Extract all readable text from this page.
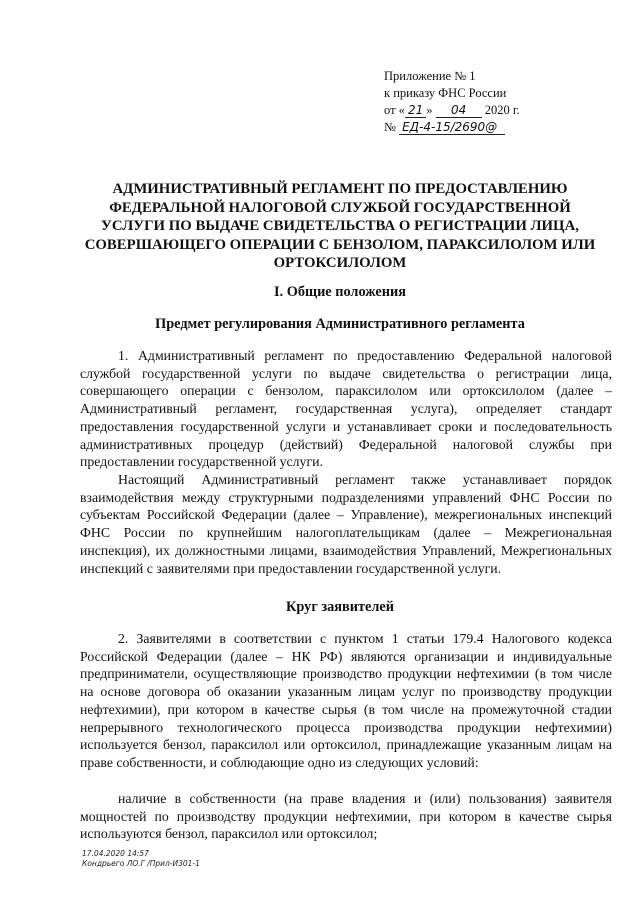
Приложение № 1
к приказу ФНС России
от « 21 » 04 2020 г.
№ ЕД-4-15/2690@
АДМИНИСТРАТИВНЫЙ РЕГЛАМЕНТ ПО ПРЕДОСТАВЛЕНИЮ ФЕДЕРАЛЬНОЙ НАЛОГОВОЙ СЛУЖБОЙ ГОСУДАРСТВЕННОЙ УСЛУГИ ПО ВЫДАЧЕ СВИДЕТЕЛЬСТВА О РЕГИСТРАЦИИ ЛИЦА, СОВЕРШАЮЩЕГО ОПЕРАЦИИ С БЕНЗОЛОМ, ПАРАКСИЛОЛОМ ИЛИ ОРТОКСИЛОЛОМ
I. Общие положения
Предмет регулирования Административного регламента

1. Административный регламент по предоставлению Федеральной налоговой службой государственной услуги по выдаче свидетельства о регистрации лица, совершающего операции с бензолом, параксилолом или ортоксилолом (далее – Административный регламент, государственная услуга), определяет стандарт предоставления государственной услуги и устанавливает сроки и последовательность административных процедур (действий) Федеральной налоговой службы при предоставлении государственной услуги.

Настоящий Административный регламент также устанавливает порядок взаимодействия между структурными подразделениями управлений ФНС России по субъектам Российской Федерации (далее – Управление), межрегиональных инспекций ФНС России по крупнейшим налогоплательщикам (далее – Межрегиональная инспекция), их должностными лицами, взаимодействия Управлений, Межрегиональных инспекций с заявителями при предоставлении государственной услуги.

Круг заявителей

2. Заявителями в соответствии с пунктом 1 статьи 179.4 Налогового кодекса Российской Федерации (далее – НК РФ) являются организации и индивидуальные предприниматели, осуществляющие производство продукции нефтехимии (в том числе на основе договора об оказании указанным лицам услуг по производству продукции нефтехимии), при котором в качестве сырья (в том числе на промежуточной стадии непрерывного технологического процесса производства продукции нефтехимии) используется бензол, параксилол или ортоксилол, принадлежащие указанным лицам на праве собственности, и соблюдающие одно из следующих условий:

наличие в собственности (на праве владения и (или) пользования) заявителя мощностей по производству продукции нефтехимии, при котором в качестве сырья используются бензол, параксилол или ортоксилол;

17.04.2020 14:57
Кондрьего ЛО.Г /Прил-И301-1
